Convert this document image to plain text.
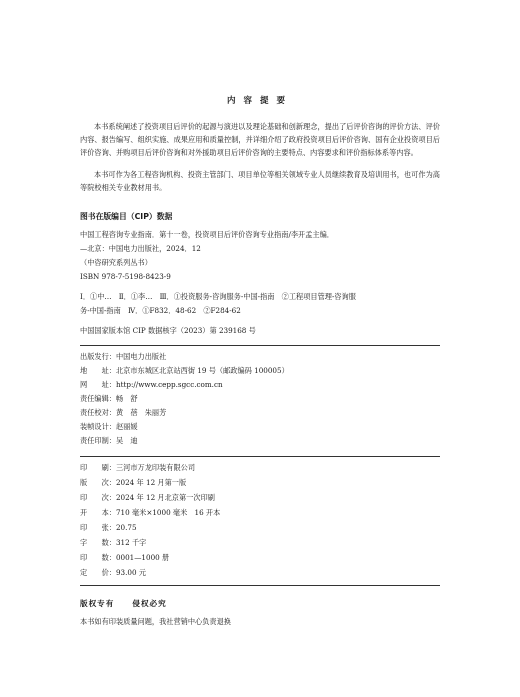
内容提要

本书系统阐述了投资项目后评价的起源与演进以及理论基础和创新理念，提出了后评价咨询的评价方法、评价内容、报告编写、组织实施、成果应用和质量控制，并详细介绍了政府投资项目后评价咨询、国有企业投资项目后评价咨询、并购项目后评价咨询和对外援助项目后评价咨询的主要特点、内容要求和评价指标体系等内容。

本书可作为各工程咨询机构、投资主管部门、项目单位等相关领域专业人员继续教育及培训用书，也可作为高等院校相关专业教材用书。

图书在版编目（CIP）数据
中国工程咨询专业指南．第十一卷，投资项目后评价咨询专业指南/李开孟主编．
—北京：中国电力出版社，2024．12
（中咨研究系列丛书）
ISBN 978-7-5198-8423-9
Ⅰ．①中…　Ⅱ．①李…　Ⅲ．①投资服务-咨询服务-中国-指南　②工程项目管理-咨询服
务-中国-指南　Ⅳ．①F832．48-62　②F284-62
中国国家版本馆 CIP 数据核字（2023）第 239168 号
出版发行：中国电力出版社
地　　址：北京市东城区北京站西街 19 号（邮政编码 100005）
网　　址：http://www.cepp.sgcc.com.cn
责任编辑：畅　舒
责任校对：黄　蓓　朱丽芳
装帧设计：赵丽媛
责任印制：吴　迪
印　　刷：三河市万龙印装有限公司
版　　次：2024 年 12 月第一版
印　　次：2024 年 12 月北京第一次印刷
开　　本：710 毫米×1000 毫米　16 开本
印　　张：20.75
字　　数：312 千字
印　　数：0001—1000 册
定　　价：93.00 元
版权专有 侵权必究
本书如有印装质量问题，我社营销中心负责退换
